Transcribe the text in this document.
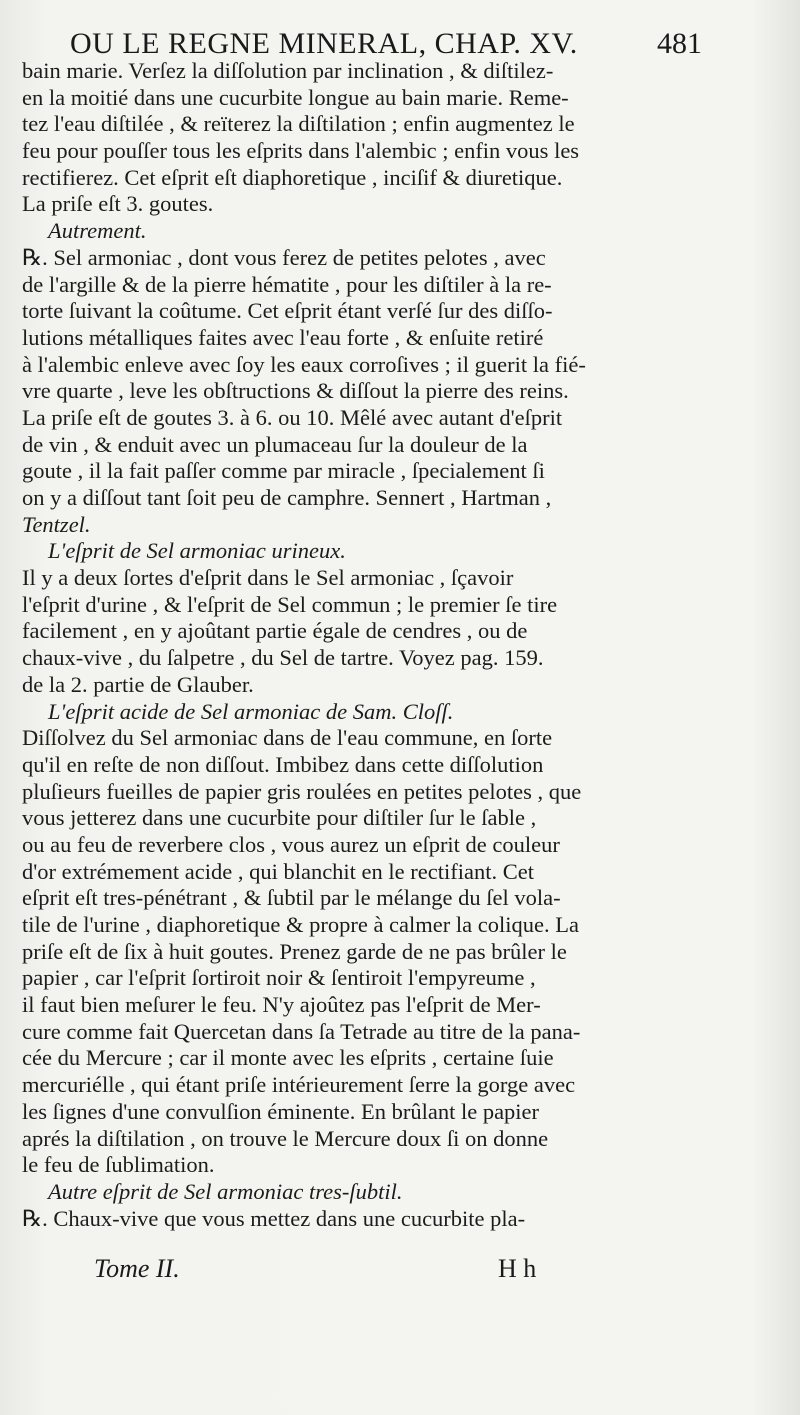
OU LE REGNE MINERAL, CHAP. XV.	481
bain marie. Verſez la diſſolution par inclination , & diſtilez-
en la moitié dans une cucurbite longue au bain marie. Reme-
tez l'eau diſtilée , & reïterez la diſtilation ; enfin augmentez le
feu pour pouſſer tous les eſprits dans l'alembic ; enfin vous les
rectifierez. Cet eſprit eſt diaphoretique , inciſif & diuretique.
La priſe eſt 3. goutes.
Autrement.
℞. Sel armoniac , dont vous ferez de petites pelotes , avec
de l'argille & de la pierre hématite , pour les diſtiler à la re-
torte ſuivant la coûtume. Cet eſprit étant verſé ſur des diſſo-
lutions métalliques faites avec l'eau forte , & enſuite retiré
à l'alembic enleve avec ſoy les eaux corroſives ; il guerit la fié-
vre quarte , leve les obſtructions & diſſout la pierre des reins.
La priſe eſt de goutes 3. à 6. ou 10. Mêlé avec autant d'eſprit
de vin , & enduit avec un plumaceau ſur la douleur de la
goute , il la fait paſſer comme par miracle , ſpecialement ſi
on y a diſſout tant ſoit peu de camphre. Sennert , Hartman ,
Tentzel.
L'eſprit de Sel armoniac urineux.
Il y a deux ſortes d'eſprit dans le Sel armoniac , ſçavoir
l'eſprit d'urine , & l'eſprit de Sel commun ; le premier ſe tire
facilement , en y ajoûtant partie égale de cendres , ou de
chaux-vive , du ſalpetre , du Sel de tartre. Voyez pag. 159.
de la 2. partie de Glauber.
L'eſprit acide de Sel armoniac de Sam. Cloſſ.
Diſſolvez du Sel armoniac dans de l'eau commune, en ſorte
qu'il en reſte de non diſſout. Imbibez dans cette diſſolution
pluſieurs fueilles de papier gris roulées en petites pelotes , que
vous jetterez dans une cucurbite pour diſtiler ſur le ſable ,
ou au feu de reverbere clos , vous aurez un eſprit de couleur
d'or extrémement acide , qui blanchit en le rectifiant. Cet
eſprit eſt tres-pénétrant , & ſubtil par le mélange du ſel vola-
tile de l'urine , diaphoretique & propre à calmer la colique. La
priſe eſt de ſix à huit goutes. Prenez garde de ne pas brûler le
papier , car l'eſprit ſortiroit noir & ſentiroit l'empyreume ,
il faut bien meſurer le feu. N'y ajoûtez pas l'eſprit de Mer-
cure comme fait Quercetan dans ſa Tetrade au titre de la pana-
cée du Mercure ; car il monte avec les eſprits , certaine ſuie
mercuriélle , qui étant priſe intérieurement ſerre la gorge avec
les ſignes d'une convulſion éminente. En brûlant le papier
aprés la diſtilation , on trouve le Mercure doux ſi on donne
le feu de ſublimation.
Autre eſprit de Sel armoniac tres-ſubtil.
℞. Chaux-vive que vous mettez dans une cucurbite pla-
Tome II.	H h
